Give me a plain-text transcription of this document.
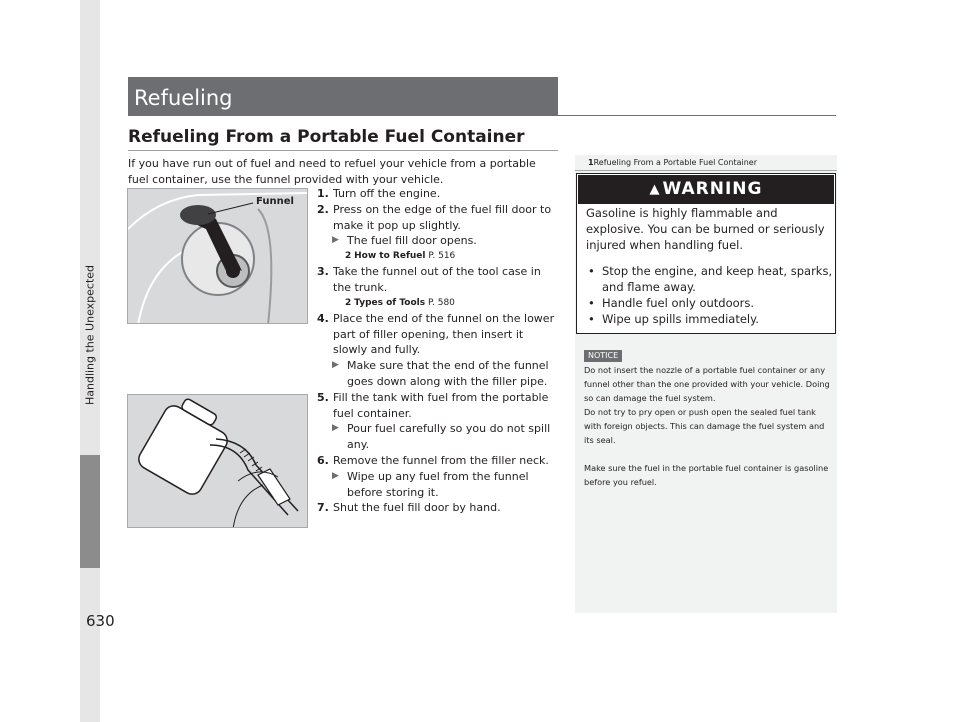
Handling the Unexpected
630
Refueling
Refueling From a Portable Fuel Container
If you have run out of fuel and need to refuel your vehicle from a portable fuel container, use the funnel provided with your vehicle.
Funnel
1. Turn off the engine.
2. Press on the edge of the fuel fill door to make it pop up slightly.
▶ The fuel fill door opens.
2 How to Refuel P. 516
3. Take the funnel out of the tool case in the trunk.
2 Types of Tools P. 580
4. Place the end of the funnel on the lower part of filler opening, then insert it slowly and fully.
▶ Make sure that the end of the funnel goes down along with the filler pipe.
5. Fill the tank with fuel from the portable fuel container.
▶ Pour fuel carefully so you do not spill any.
6. Remove the funnel from the filler neck.
▶ Wipe up any fuel from the funnel before storing it.
7. Shut the fuel fill door by hand.
1Refueling From a Portable Fuel Container
▲ WARNING
Gasoline is highly flammable and explosive. You can be burned or seriously injured when handling fuel.
• Stop the engine, and keep heat, sparks, and flame away.
• Handle fuel only outdoors.
• Wipe up spills immediately.
NOTICE

Do not insert the nozzle of a portable fuel container or any funnel other than the one provided with your vehicle. Doing so can damage the fuel system.

Do not try to pry open or push open the sealed fuel tank with foreign objects. This can damage the fuel system and its seal.

Make sure the fuel in the portable fuel container is gasoline before you refuel.
